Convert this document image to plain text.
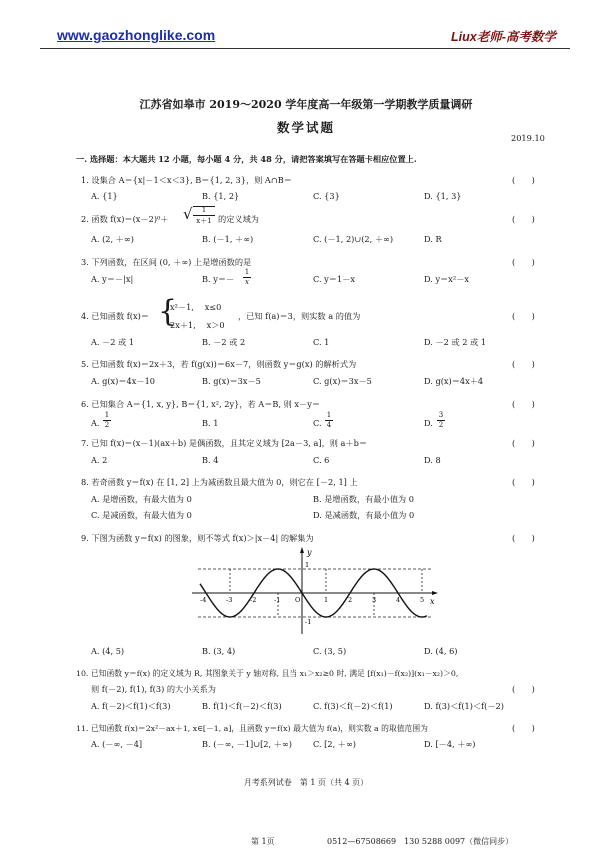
www.gaozhonglike.com	Liux老师-高考数学
江苏省如皋市 2019～2020 学年度高一年级第一学期教学质量调研
数学试题
2019.10
一. 选择题：本大题共 12 小题，每小题 4 分，共 48 分，请把答案填写在答题卡相应位置上.
1. 设集合 A＝{x|－1＜x＜3}, B＝{1, 2, 3}，则 A∩B＝	(　　)
A. {1}	B. {1, 2}	C. {3}	D. {1, 3}
2. 函数 f(x)＝(x－2)⁰＋ √	1
x＋1 的定义域为	(　　)
A. (2, ＋∞)	B. (－1, ＋∞)	C. (－1, 2)∪(2, ＋∞)	D. R
3. 下列函数，在区间 (0, ＋∞) 上是增函数的是	(　　)
A. y＝－|x|	B. y＝－
1
x	C. y＝1－x	D. y＝x²－x
4. 已知函数 f(x)＝ {
x²－1,　 x≤0
2x＋1,　 x＞0
，已知 f(a)＝3，则实数 a 的值为	(　　)
A. －2 或 1	B. －2 或 2	C. 1	D. －2 或 2 或 1
5. 已知函数 f(x)＝2x＋3，若 f(g(x))＝6x－7，则函数 y＝g(x) 的解析式为	(　　)
A. g(x)＝4x－10	B. g(x)＝3x－5	C. g(x)＝3x－5	D. g(x)＝4x＋4
6. 已知集合 A＝{1, x, y}, B＝{1, x², 2y}，若 A＝B, 则 x－y＝	(　　)
A.
1
2	B. 1	C.
1
4	D.
3
2
7. 已知 f(x)＝(x－1)(ax＋b) 是偶函数，且其定义域为 [2a－3, a]，则 a＋b＝	(　　)
A. 2	B. 4	C. 6	D. 8
8. 若奇函数 y＝f(x) 在 [1, 2] 上为减函数且最大值为 0，则它在 [－2, 1] 上	(　　)
A. 是增函数，有最大值为 0	B. 是增函数，有最小值为 0
C. 是减函数，有最大值为 0	D. 是减函数，有最小值为 0
9. 下图为函数 y＝f(x) 的图象，则不等式 f(x)＞|x－4| 的解集为	(　　)
y
x
-4	-3	-2	-1 O	1	2	3	4	5
1
-1
A. (4, 5)	B. (3, 4)	C. (3, 5)	D. (4, 6)
10. 已知函数 y＝f(x) 的定义域为 R, 其图象关于 y 轴对称, 且当 x₁＞x₂≥0 时, 满足 [f(x₁)－f(x₂)](x₁－x₂)＞0,
则 f(－2), f(1), f(3) 的大小关系为	(　　)
A. f(－2)＜f(1)＜f(3)	B. f(1)＜f(－2)＜f(3)	C. f(3)＜f(－2)＜f(1)	D. f(3)＜f(1)＜f(－2)
11. 已知函数 f(x)＝2x²－ax＋1, x∈[－1, a]，且函数 y＝f(x) 最大值为 f(a)，则实数 a 的取值范围为	(　　)
A. (－∞, －4]	B. (－∞, －1]∪[2, ＋∞)	C. [2, ＋∞)	D. [－4, ＋∞)
月考系列试卷　第 1 页（共 4 页）
第 1页	0512—67508669　130 5288 0097（微信同步）
